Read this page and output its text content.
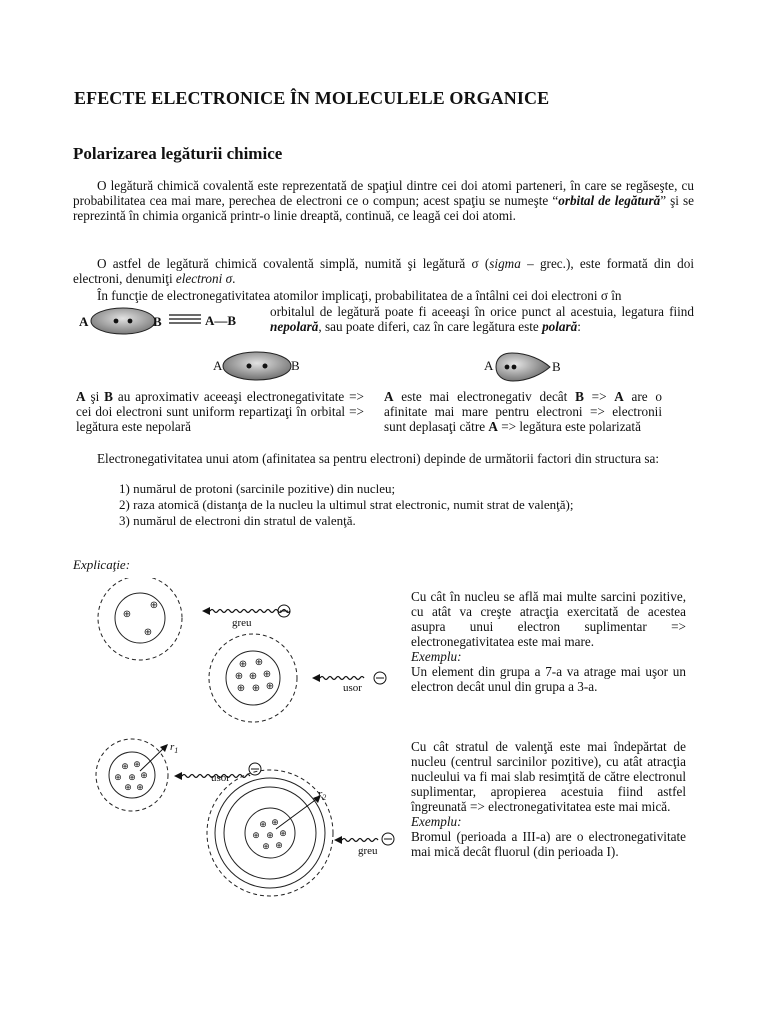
EFECTE ELECTRONICE ÎN MOLECULELE ORGANICE
Polarizarea legăturii chimice
O legătură chimică covalentă este reprezentată de spaţiul dintre cei doi atomi parteneri, în care se regăseşte, cu probabilitatea cea mai mare, perechea de electroni ce o compun; acest spaţiu se numeşte “orbital de legătură” şi se reprezintă în chimia organică printr-o linie dreaptă, continuă, ce leagă cei doi atomi.
O astfel de legătură chimică covalentă simplă, numită şi legătură σ (sigma – grec.), este formată din doi electroni, denumiţi electroni σ.
În funcţie de electronegativitatea atomilor implicaţi, probabilitatea de a întâlni cei doi electroni σ în
orbitalul de legătură poate fi aceeaşi în orice punct al acestuia, legatura fiind nepolară, sau poate diferi, caz în care legătura este polară:
A	B	A—B
A	B	A	B
A şi B au aproximativ aceeaşi electronegativitate => cei doi electroni sunt uniform repartizaţi în orbital => legătura este nepolară
A este mai electronegativ decât B => A are o afinitate mai mare pentru electroni => electronii sunt deplasaţi către A => legătura este polarizată
Electronegativitatea unui atom (afinitatea sa pentru electroni) depinde de următorii factori din structura sa:
1) numărul de protoni (sarcinile pozitive) din nucleu;
2) raza atomică (distanţa de la nucleu la ultimul strat electronic, numit strat de valenţă);
3) numărul de electroni din stratul de valenţă.
Explicaţie:
⊕
⊕
⊕
⊕ ⊕
⊕ ⊕ ⊕
⊕ ⊕ ⊕
greu
usor

Cu cât în nucleu se află mai multe sarcini pozitive, cu atât va creşte atracţia exercitată de acestea asupra unui electron suplimentar => electronegativitatea este mai mare.

Exemplu:

Un element din grupa a 7-a va atrage mai uşor un electron decât unul din grupa a 3-a.

⊕ ⊕
⊕ ⊕ ⊕
⊕ ⊕
⊕ ⊕
⊕ ⊕ ⊕
⊕ ⊕
$r_1$
$r_2$
usor
greu

Cu cât stratul de valenţă este mai îndepărtat de nucleu (centrul sarcinilor pozitive), cu atât atracţia nucleului va fi mai slab resimţită de către electronul suplimentar, apropierea acestuia fiind astfel îngreunată => electronegativitatea este mai mică.

Exemplu:

Bromul (perioada a III-a) are o electronegativitate mai mică decât fluorul (din perioada I).
